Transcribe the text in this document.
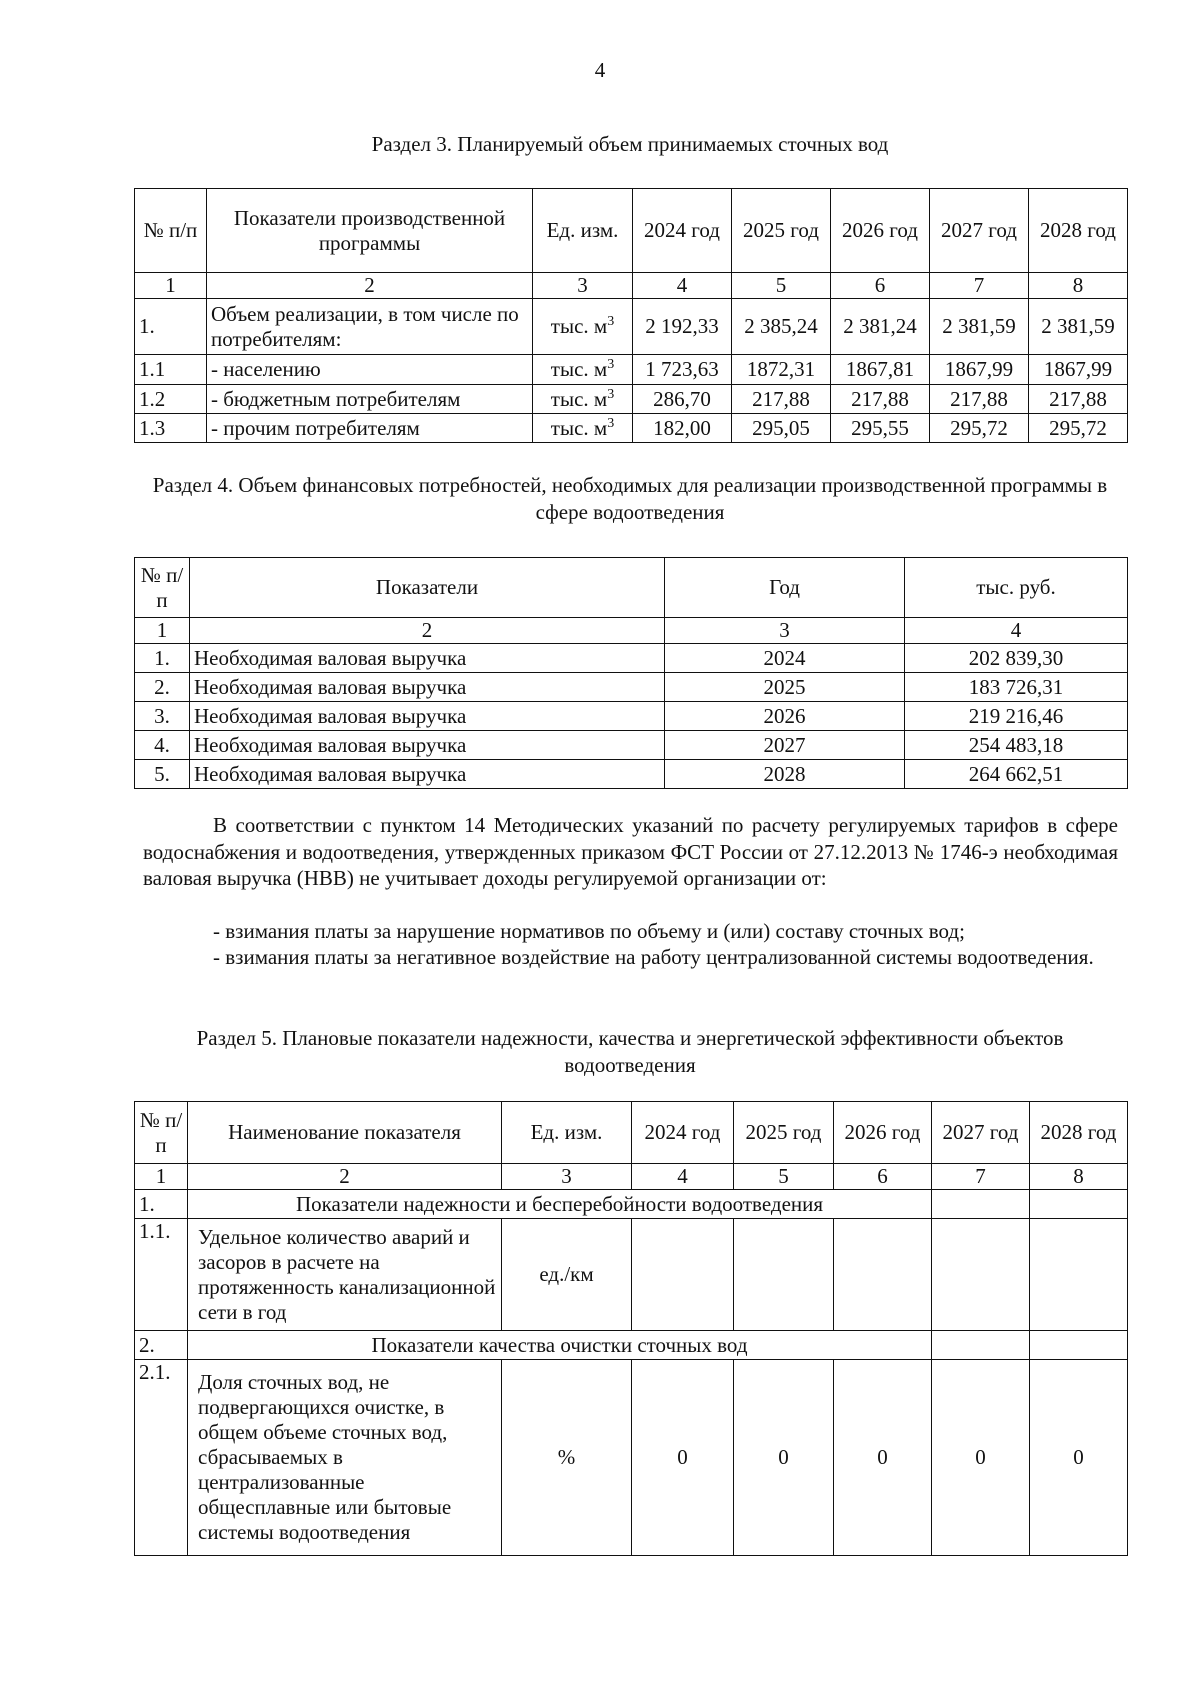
4
Раздел 3. Планируемый объем принимаемых сточных вод
№ п/п	Показатели производственной программы	Ед. изм.	2024 год	2025 год	2026 год	2027 год	2028 год
1	2	3	4	5	6	7	8
1.	Объем реализации, в том числе по потребителям:	тыс. $м^3$	2 192,33	2 385,24	2 381,24	2 381,59	2 381,59
1.1	- населению	тыс. $м^3$	1 723,63	1872,31	1867,81	1867,99	1867,99
1.2	- бюджетным потребителям	тыс. $м^3$	286,70	217,88	217,88	217,88	217,88
1.3	- прочим потребителям	тыс. $м^3$	182,00	295,05	295,55	295,72	295,72
Раздел 4. Объем финансовых потребностей, необходимых для реализации производственной программы в сфере водоотведения
№ п/п	Показатели	Год	тыс. руб.
1	2	3	4
1.	Необходимая валовая выручка	2024	202 839,30
2.	Необходимая валовая выручка	2025	183 726,31
3.	Необходимая валовая выручка	2026	219 216,46
4.	Необходимая валовая выручка	2027	254 483,18
5.	Необходимая валовая выручка	2028	264 662,51

В соответствии с пунктом 14 Методических указаний по расчету регулируемых тарифов в сфере водоснабжения и водоотведения, утвержденных приказом ФСТ России от 27.12.2013 № 1746-э необходимая валовая выручка (НВВ) не учитывает доходы регулируемой организации от:

- взимания платы за нарушение нормативов по объему и (или) составу сточных вод;

- взимания платы за негативное воздействие на работу централизованной системы водоотведения.

Раздел 5. Плановые показатели надежности, качества и энергетической эффективности объектов водоотведения
№ п/п	Наименование показателя	Ед. изм.	2024 год	2025 год	2026 год	2027 год	2028 год
1	2	3	4	5	6	7	8
1.	Показатели надежности и бесперебойности водоотведения						
1.1.	Удельное количество аварий и засоров в расчете на протяженность канализационной сети в год	ед./км					
2.	Показатели качества очистки сточных вод						
2.1.	Доля сточных вод, не подвергающихся очистке, в общем объеме сточных вод, сбрасываемых в централизованные общесплавные или бытовые системы водоотведения	%	0	0	0	0	0
